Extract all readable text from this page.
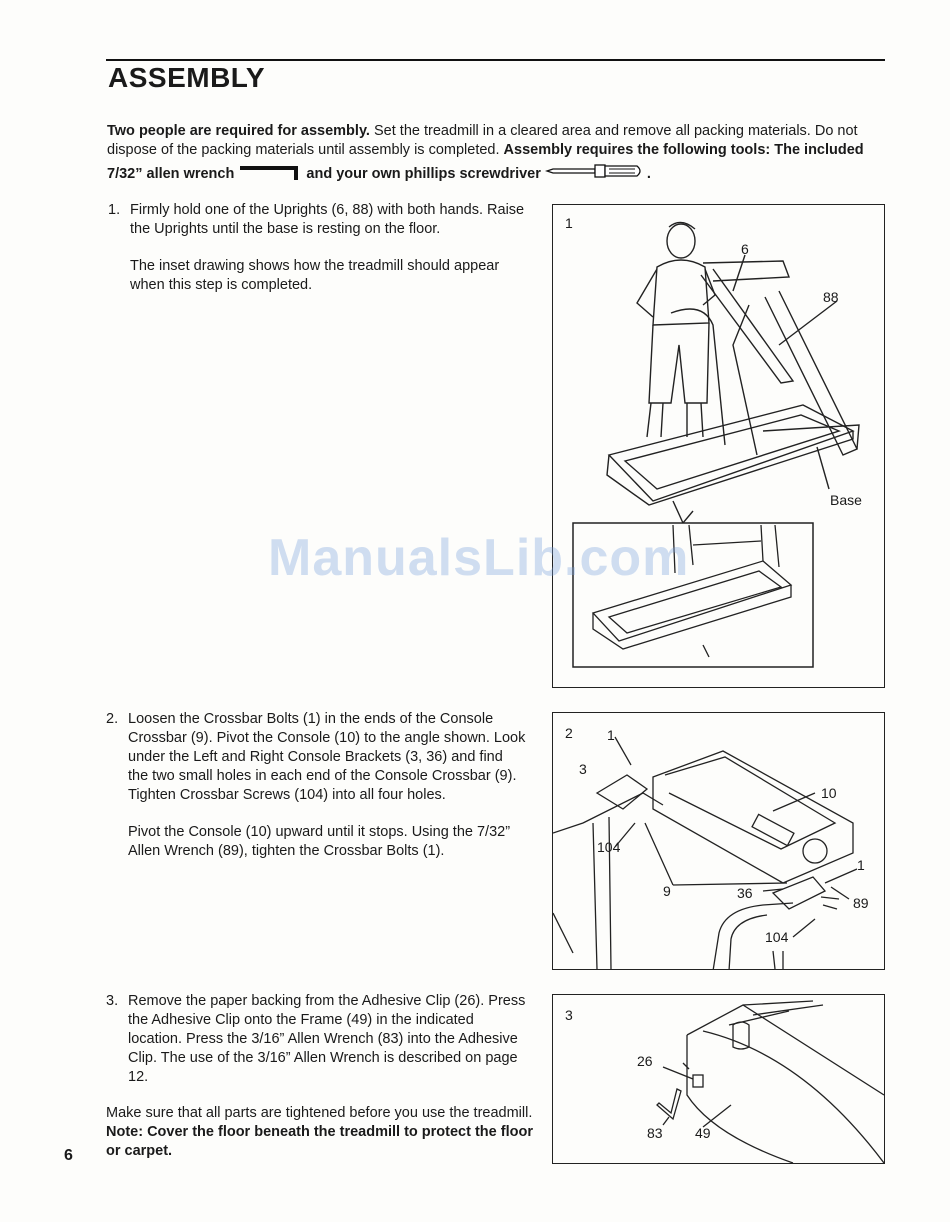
ASSEMBLY
Two people are required for assembly. Set the treadmill in a cleared area and remove all packing materials. Do not dispose of the packing materials until assembly is completed. Assembly requires the following tools: The included 7/32” allen wrench	and your own phillips screwdriver	.
1. Firmly hold one of the Uprights (6, 88) with both hands. Raise the Uprights until the base is resting on the floor.

The inset drawing shows how the treadmill should appear when this step is completed.

2. Loosen the Crossbar Bolts (1) in the ends of the Console Crossbar (9). Pivot the Console (10) to the angle shown. Look under the Left and Right Console Brackets (3, 36) and find the two small holes in each end of the Console Crossbar (9). Tighten Crossbar Screws (104) into all four holes.

Pivot the Console (10) upward until it stops. Using the 7/32” Allen Wrench (89), tighten the Crossbar Bolts (1).

3. Remove the paper backing from the Adhesive Clip (26). Press the Adhesive Clip onto the Frame (49) in the indicated location. Press the 3/16” Allen Wrench (83) into the Adhesive Clip. The use of the 3/16” Allen Wrench is described on page 12.

Make sure that all parts are tightened before you use the treadmill. Note: Cover the floor beneath the treadmill to protect the floor or carpet.
6
1
6
88
Base
2 1
3
10
104
9	36
1
89
104
3
26
83 49
ManualsLib.com
